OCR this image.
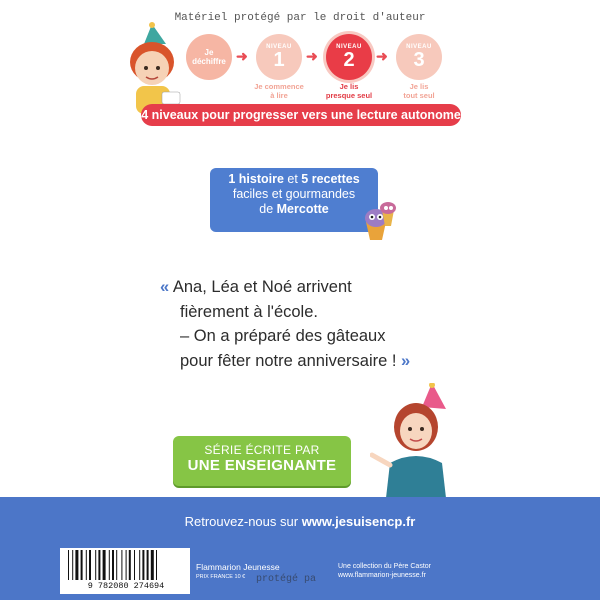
Matériel protégé par le droit d'auteur
Je
déchiffre ➜
NIVEAU
1 ➜
NIVEAU
2 ➜
NIVEAU
3
Je commence
à lire
Je lis
presque seul
Je lis
tout seul
4 niveaux pour progresser vers une lecture autonome
1 histoire et 5 recettes
faciles et gourmandes
de Mercotte
« Ana, Léa et Noé arrivent
fièrement à l'école.
– On a préparé des gâteaux
pour fêter notre anniversaire ! »
SÉRIE ÉCRITE PAR
UNE ENSEIGNANTE
Retrouvez-nous sur www.jesuisencp.fr
9 782080 274694
Flammarion Jeunesse
PRIX FRANCE 10 €	protégé pa
Une collection du Père Castor
www.flammarion-jeunesse.fr
